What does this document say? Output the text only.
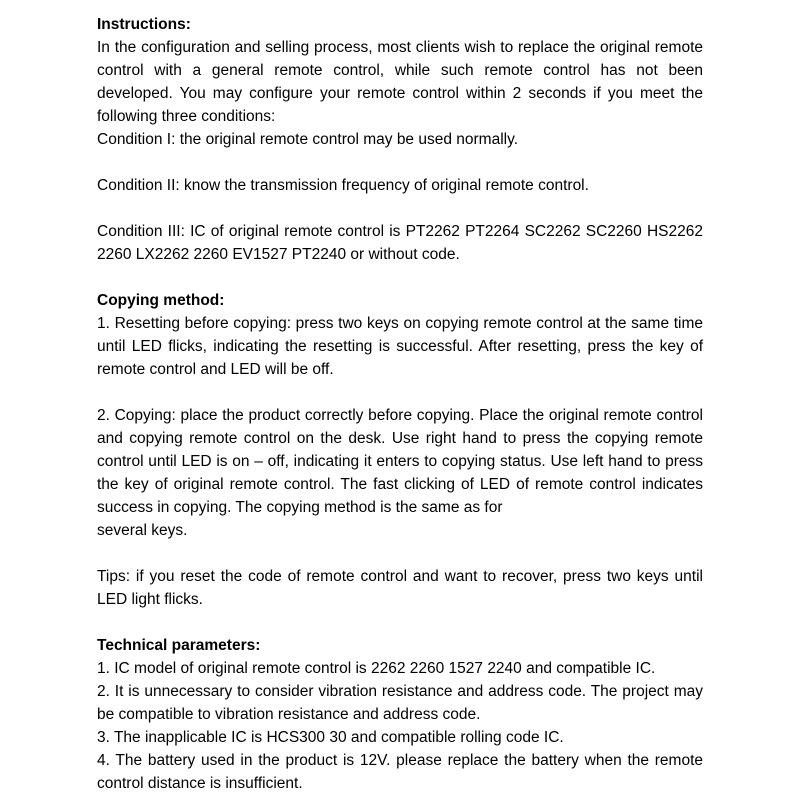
Instructions:
In the configuration and selling process, most clients wish to replace the original remote control with a general remote control, while such remote control has not been developed. You may configure your remote control within 2 seconds if you meet the following three conditions:
Condition I: the original remote control may be used normally.
Condition II: know the transmission frequency of original remote control.
Condition III: IC of original remote control is PT2262 PT2264 SC2262 SC2260 HS2262 2260 LX2262 2260 EV1527 PT2240 or without code.
Copying method:
1. Resetting before copying: press two keys on copying remote control at the same time until LED flicks, indicating the resetting is successful. After resetting, press the key of remote control and LED will be off.
2. Copying: place the product correctly before copying. Place the original remote control and copying remote control on the desk. Use right hand to press the copying remote control until LED is on – off, indicating it enters to copying status. Use left hand to press the key of original remote control. The fast clicking of LED of remote control indicates success in copying. The copying method is the same as for
several keys.
Tips: if you reset the code of remote control and want to recover, press two keys until LED light flicks.
Technical parameters:
1. IC model of original remote control is 2262 2260 1527 2240 and compatible IC.
2. It is unnecessary to consider vibration resistance and address code. The project may be compatible to vibration resistance and address code.
3. The inapplicable IC is HCS300 30 and compatible rolling code IC.
4. The battery used in the product is 12V. please replace the battery when the remote control distance is insufficient.
